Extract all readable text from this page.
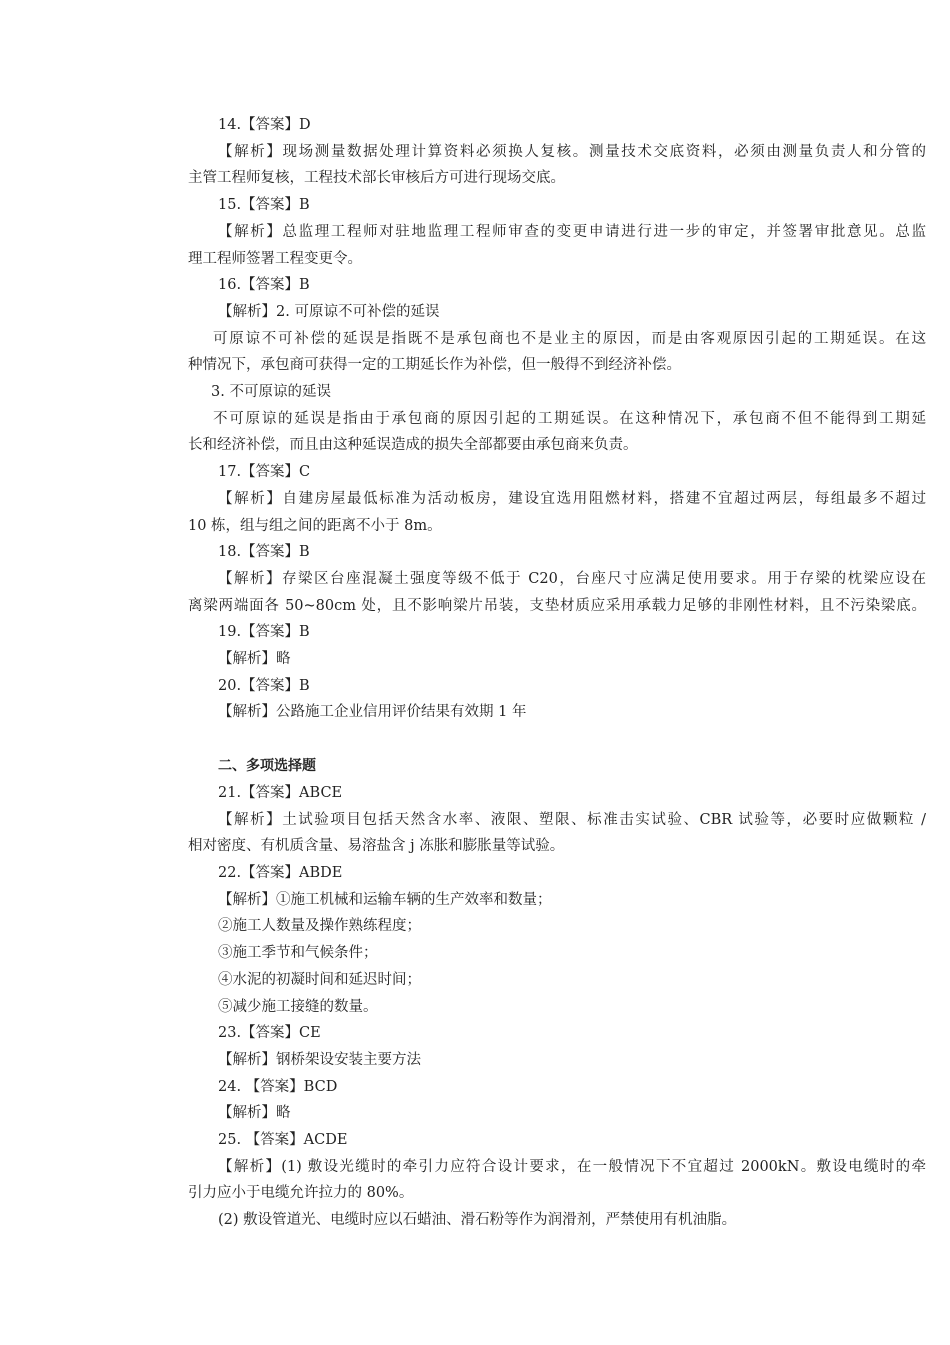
14.【答案】D
【解析】现场测量数据处理计算资料必须换人复核。测量技术交底资料，必须由测量负责人和分管的
主管工程师复核，工程技术部长审核后方可进行现场交底。
15.【答案】B
【解析】总监理工程师对驻地监理工程师审查的变更申请进行进一步的审定，并签署审批意见。总监
理工程师签署工程变更令。
16.【答案】B
【解析】2. 可原谅不可补偿的延误
可原谅不可补偿的延误是指既不是承包商也不是业主的原因，而是由客观原因引起的工期延误。在这
种情况下，承包商可获得一定的工期延长作为补偿，但一般得不到经济补偿。
3. 不可原谅的延误
不可原谅的延误是指由于承包商的原因引起的工期延误。在这种情况下，承包商不但不能得到工期延
长和经济补偿，而且由这种延误造成的损失全部都要由承包商来负责。
17.【答案】C
【解析】自建房屋最低标准为活动板房，建设宜选用阻燃材料，搭建不宜超过两层，每组最多不超过
10 栋，组与组之间的距离不小于 8m。
18.【答案】B
【解析】存梁区台座混凝土强度等级不低于 C20，台座尺寸应满足使用要求。用于存梁的枕梁应设在
离梁两端面各 50~80cm 处，且不影响梁片吊装，支垫材质应采用承载力足够的非刚性材料，且不污染梁底。
19.【答案】B
【解析】略
20.【答案】B
【解析】公路施工企业信用评价结果有效期 1 年
二、多项选择题
21.【答案】ABCE
【解析】土试验项目包括天然含水率、液限、塑限、标准击实试验、CBR 试验等，必要时应做颗粒 /
相对密度、有机质含量、易溶盐含 j 冻胀和膨胀量等试验。
22.【答案】ABDE
【解析】①施工机械和运输车辆的生产效率和数量；
②施工人数量及操作熟练程度；
③施工季节和气候条件；
④水泥的初凝时间和延迟时间；
⑤减少施工接缝的数量。
23.【答案】CE
【解析】钢桥架设安装主要方法
24. 【答案】BCD
【解析】略
25. 【答案】ACDE
【解析】(1) 敷设光缆时的牵引力应符合设计要求，在一般情况下不宜超过 2000kN。敷设电缆时的牵
引力应小于电缆允许拉力的 80%。
(2) 敷设管道光、电缆时应以石蜡油、滑石粉等作为润滑剂，严禁使用有机油脂。
